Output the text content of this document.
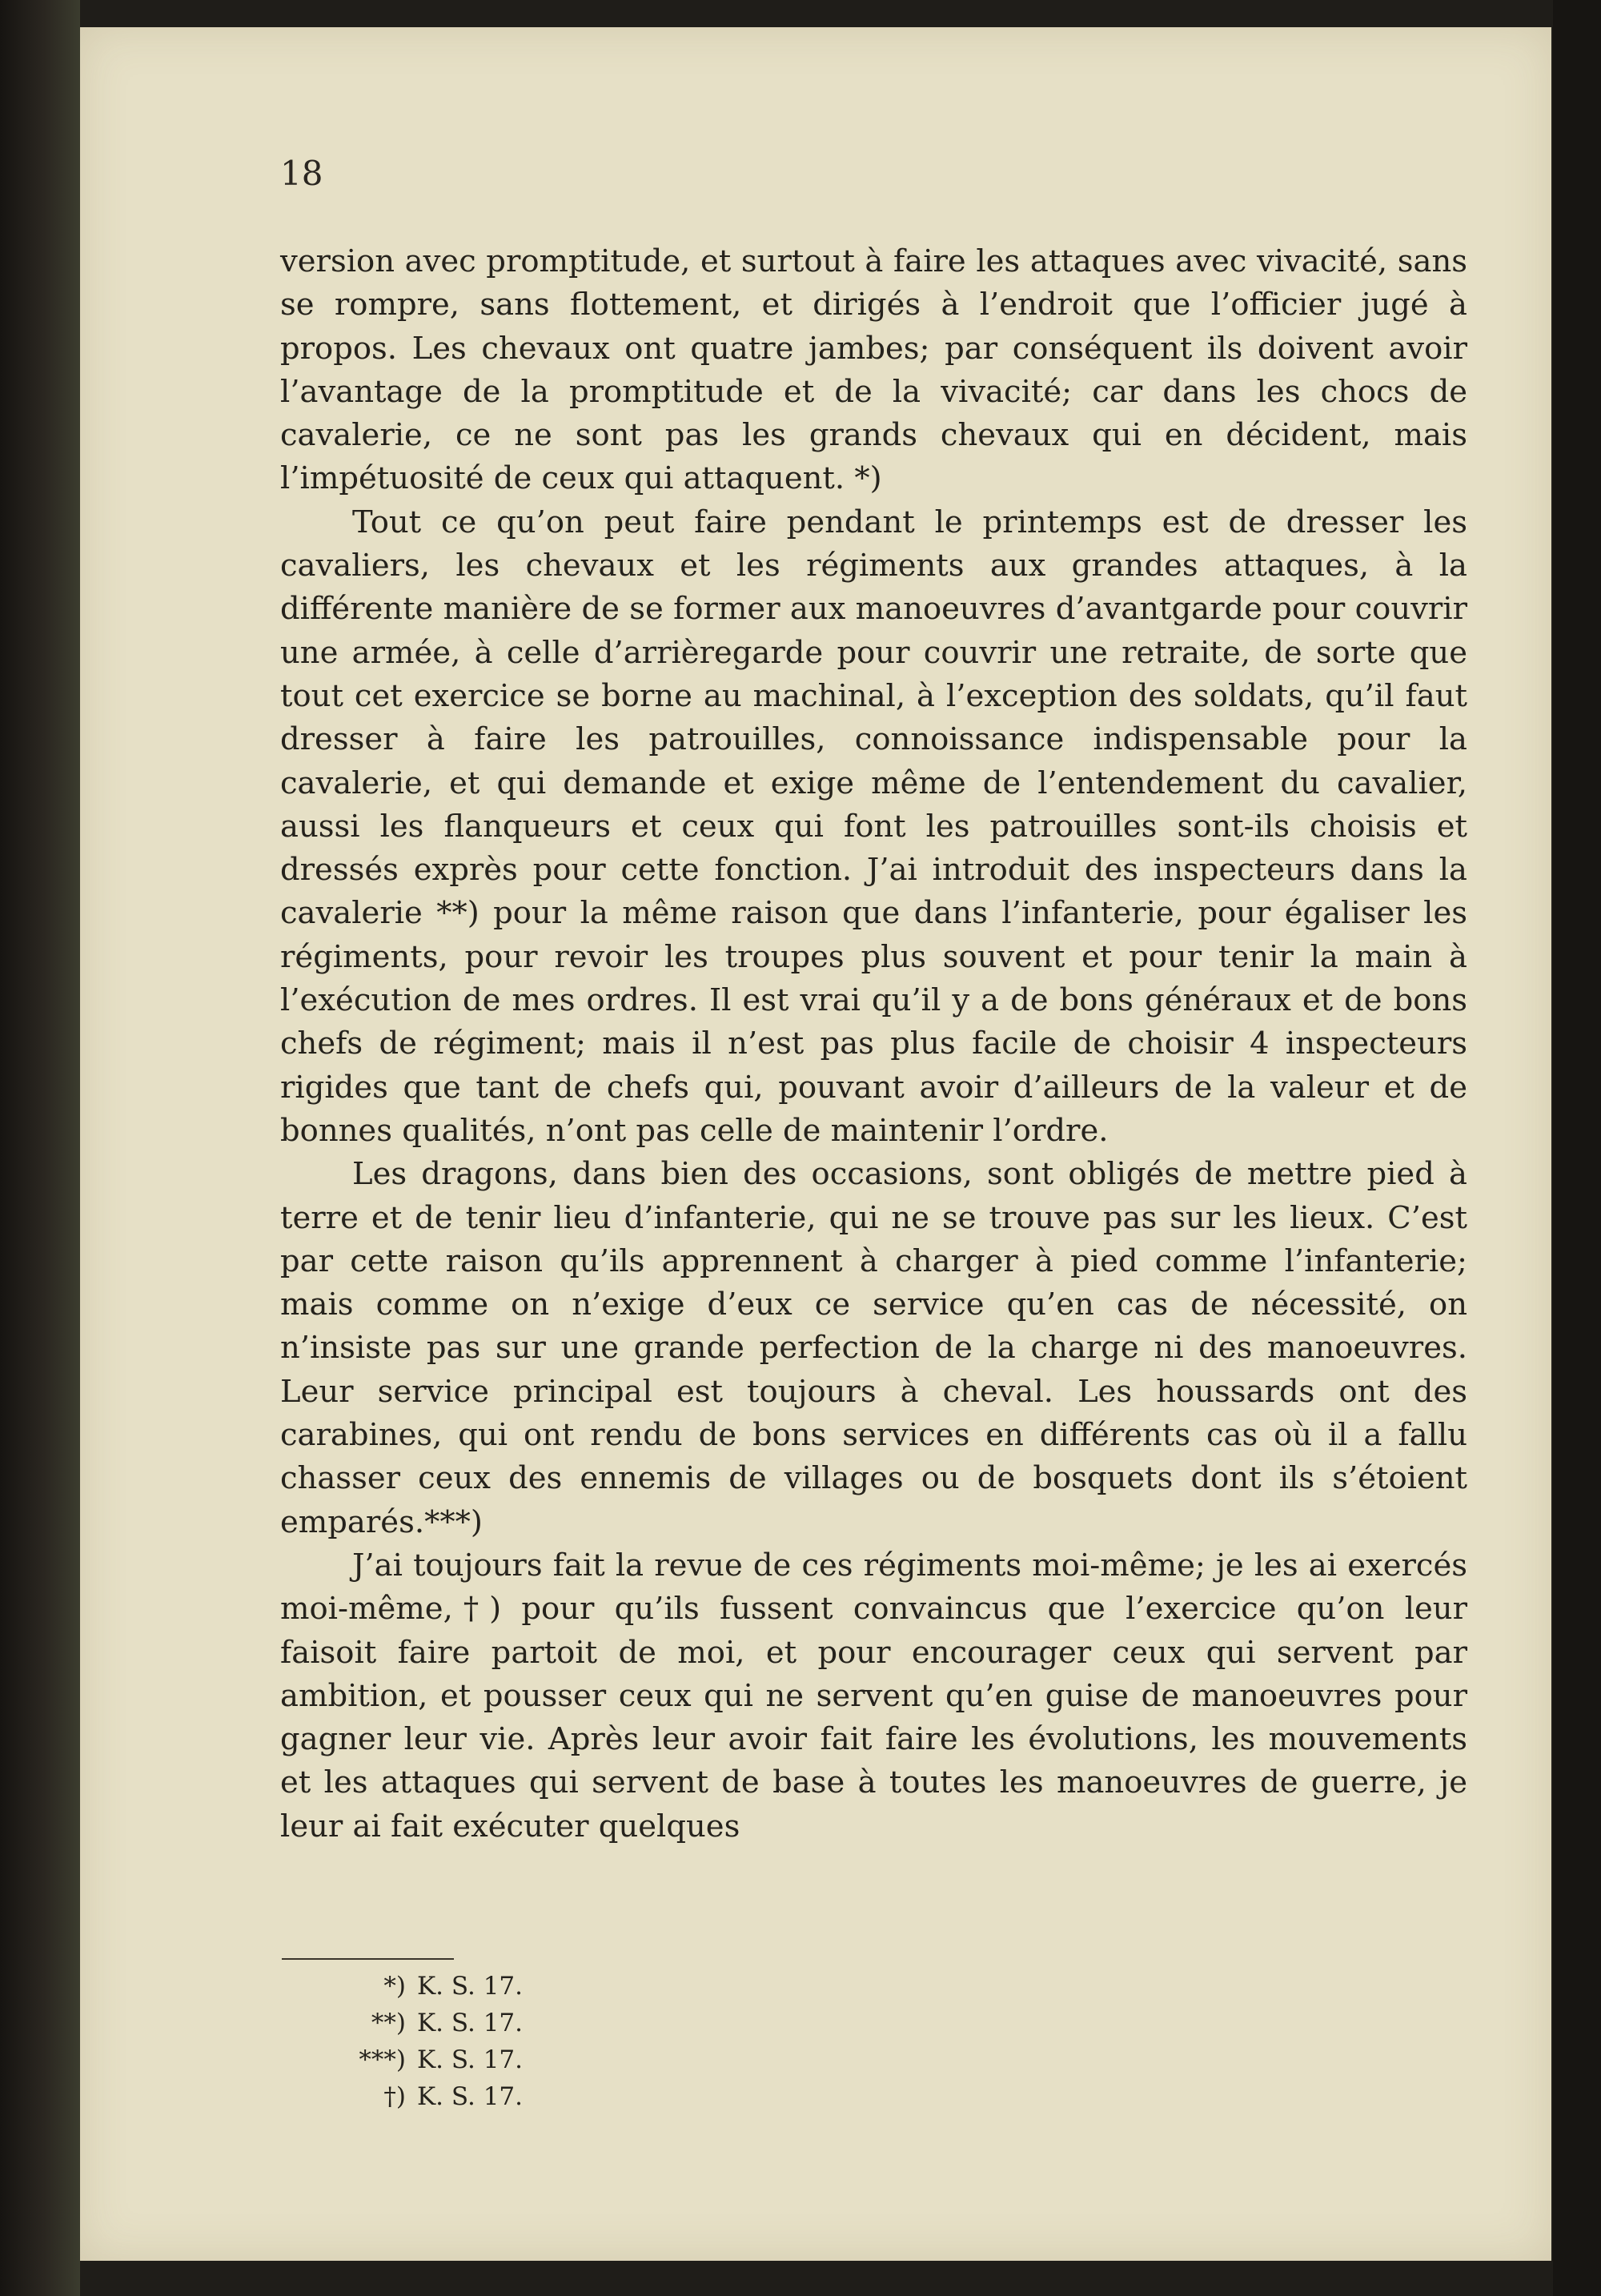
18

version avec promptitude, et surtout à faire les attaques avec vivacité, sans se rompre, sans flottement, et dirigés à l’endroit que l’officier jugé à propos. Les chevaux ont quatre jambes; par conséquent ils doivent avoir l’avantage de la promptitude et de la vivacité; car dans les chocs de cavalerie, ce ne sont pas les grands chevaux qui en décident, mais l’impétuosité de ceux qui attaquent. *)

Tout ce qu’on peut faire pendant le printemps est de dresser les cavaliers, les chevaux et les régiments aux grandes attaques, à la différente manière de se former aux manoeuvres d’avantgarde pour couvrir une armée, à celle d’arrièregarde pour couvrir une retraite, de sorte que tout cet exercice se borne au machinal, à l’exception des soldats, qu’il faut dresser à faire les patrouilles, connoissance indispensable pour la cavalerie, et qui demande et exige même de l’entendement du cavalier, aussi les flanqueurs et ceux qui font les patrouilles sont-ils choisis et dressés exprès pour cette fonction. J’ai introduit des inspecteurs dans la cavalerie **) pour la même raison que dans l’infanterie, pour égaliser les régiments, pour revoir les troupes plus souvent et pour tenir la main à l’exécution de mes ordres. Il est vrai qu’il y a de bons généraux et de bons chefs de régiment; mais il n’est pas plus facile de choisir 4 inspecteurs rigides que tant de chefs qui, pouvant avoir d’ailleurs de la valeur et de bonnes qualités, n’ont pas celle de maintenir l’ordre.

Les dragons, dans bien des occasions, sont obligés de mettre pied à terre et de tenir lieu d’infanterie, qui ne se trouve pas sur les lieux. C’est par cette raison qu’ils apprennent à charger à pied comme l’infanterie; mais comme on n’exige d’eux ce service qu’en cas de nécessité, on n’insiste pas sur une grande perfection de la charge ni des manoeuvres. Leur service principal est toujours à cheval. Les houssards ont des carabines, qui ont rendu de bons services en différents cas où il a fallu chasser ceux des ennemis de villages ou de bosquets dont ils s’étoient emparés.***)

J’ai toujours fait la revue de ces régiments moi-même; je les ai exercés moi-même,†) pour qu’ils fussent convaincus que l’exercice qu’on leur faisoit faire partoit de moi, et pour encourager ceux qui servent par ambition, et pousser ceux qui ne servent qu’en guise de manoeuvres pour gagner leur vie. Après leur avoir fait faire les évolutions, les mouvements et les attaques qui servent de base à toutes les manoeuvres de guerre, je leur ai fait exécuter quelques

*) K. S. 17.
**) K. S. 17.
***) K. S. 17.
†) K. S. 17.
